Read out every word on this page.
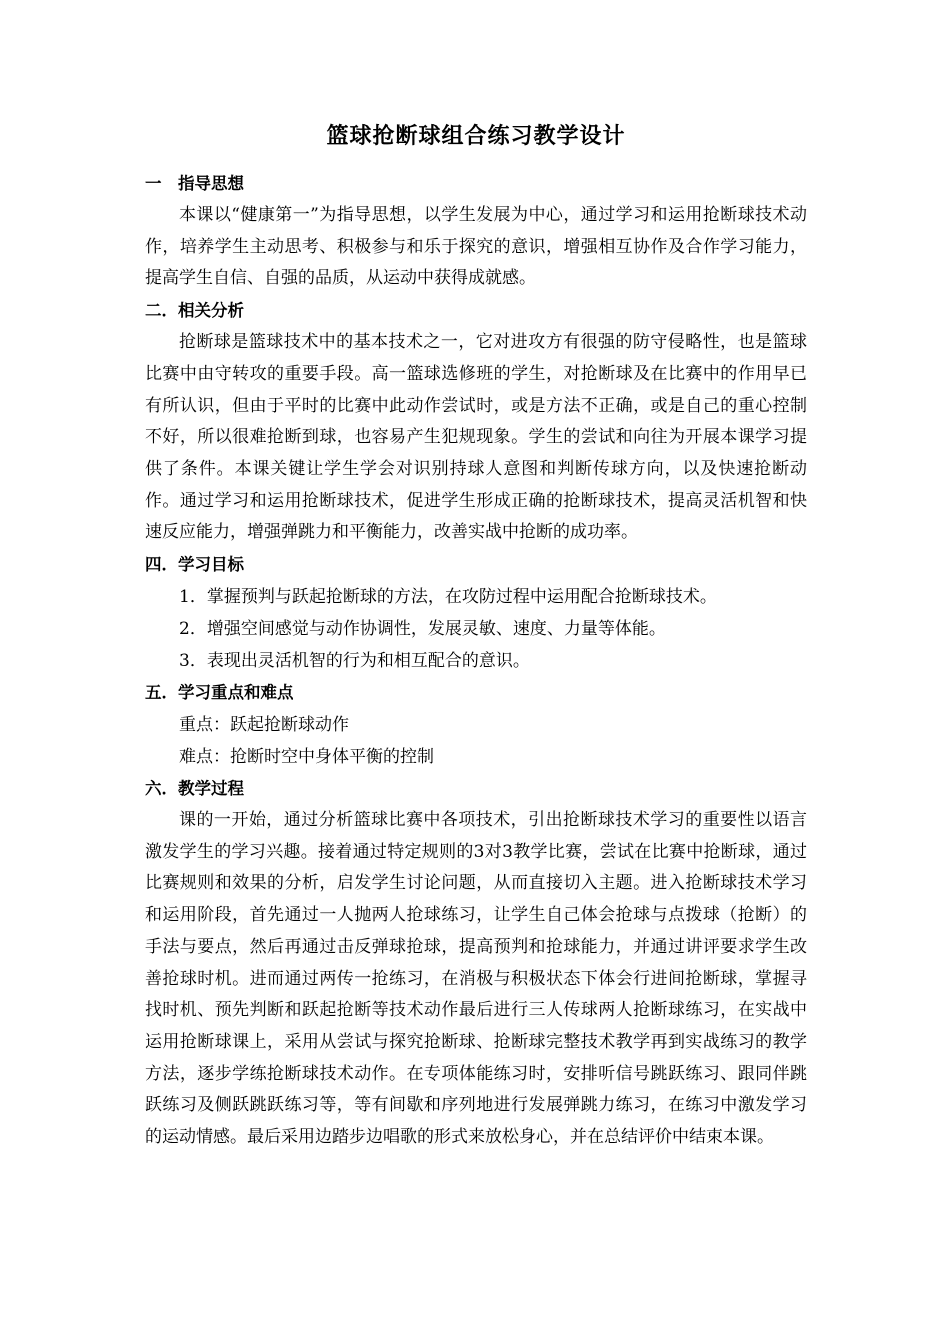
篮球抢断球组合练习教学设计
一　指导思想

本课以“健康第一”为指导思想，以学生发展为中心，通过学习和运用抢断球技术动作，培养学生主动思考、积极参与和乐于探究的意识，增强相互协作及合作学习能力，提高学生自信、自强的品质，从运动中获得成就感。

二．相关分析

抢断球是篮球技术中的基本技术之一，它对进攻方有很强的防守侵略性，也是篮球比赛中由守转攻的重要手段。高一篮球选修班的学生，对抢断球及在比赛中的作用早已有所认识，但由于平时的比赛中此动作尝试时，或是方法不正确，或是自己的重心控制不好，所以很难抢断到球，也容易产生犯规现象。学生的尝试和向往为开展本课学习提供了条件。本课关键让学生学会对识别持球人意图和判断传球方向，以及快速抢断动作。通过学习和运用抢断球技术，促进学生形成正确的抢断球技术，提高灵活机智和快速反应能力，增强弹跳力和平衡能力，改善实战中抢断的成功率。

四．学习目标

1．掌握预判与跃起抢断球的方法，在攻防过程中运用配合抢断球技术。

2．增强空间感觉与动作协调性，发展灵敏、速度、力量等体能。

3．表现出灵活机智的行为和相互配合的意识。

五．学习重点和难点

重点：跃起抢断球动作

难点：抢断时空中身体平衡的控制

六．教学过程

课的一开始，通过分析篮球比赛中各项技术，引出抢断球技术学习的重要性以语言激发学生的学习兴趣。接着通过特定规则的3对3教学比赛，尝试在比赛中抢断球，通过比赛规则和效果的分析，启发学生讨论问题，从而直接切入主题。进入抢断球技术学习和运用阶段，首先通过一人抛两人抢球练习，让学生自己体会抢球与点拨球（抢断）的手法与要点，然后再通过击反弹球抢球，提高预判和抢球能力，并通过讲评要求学生改善抢球时机。进而通过两传一抢练习，在消极与积极状态下体会行进间抢断球，掌握寻找时机、预先判断和跃起抢断等技术动作最后进行三人传球两人抢断球练习，在实战中运用抢断球课上，采用从尝试与探究抢断球、抢断球完整技术教学再到实战练习的教学方法，逐步学练抢断球技术动作。在专项体能练习时，安排听信号跳跃练习、跟同伴跳跃练习及侧跃跳跃练习等，等有间歇和序列地进行发展弹跳力练习，在练习中激发学习的运动情感。最后采用边踏步边唱歌的形式来放松身心，并在总结评价中结束本课。
